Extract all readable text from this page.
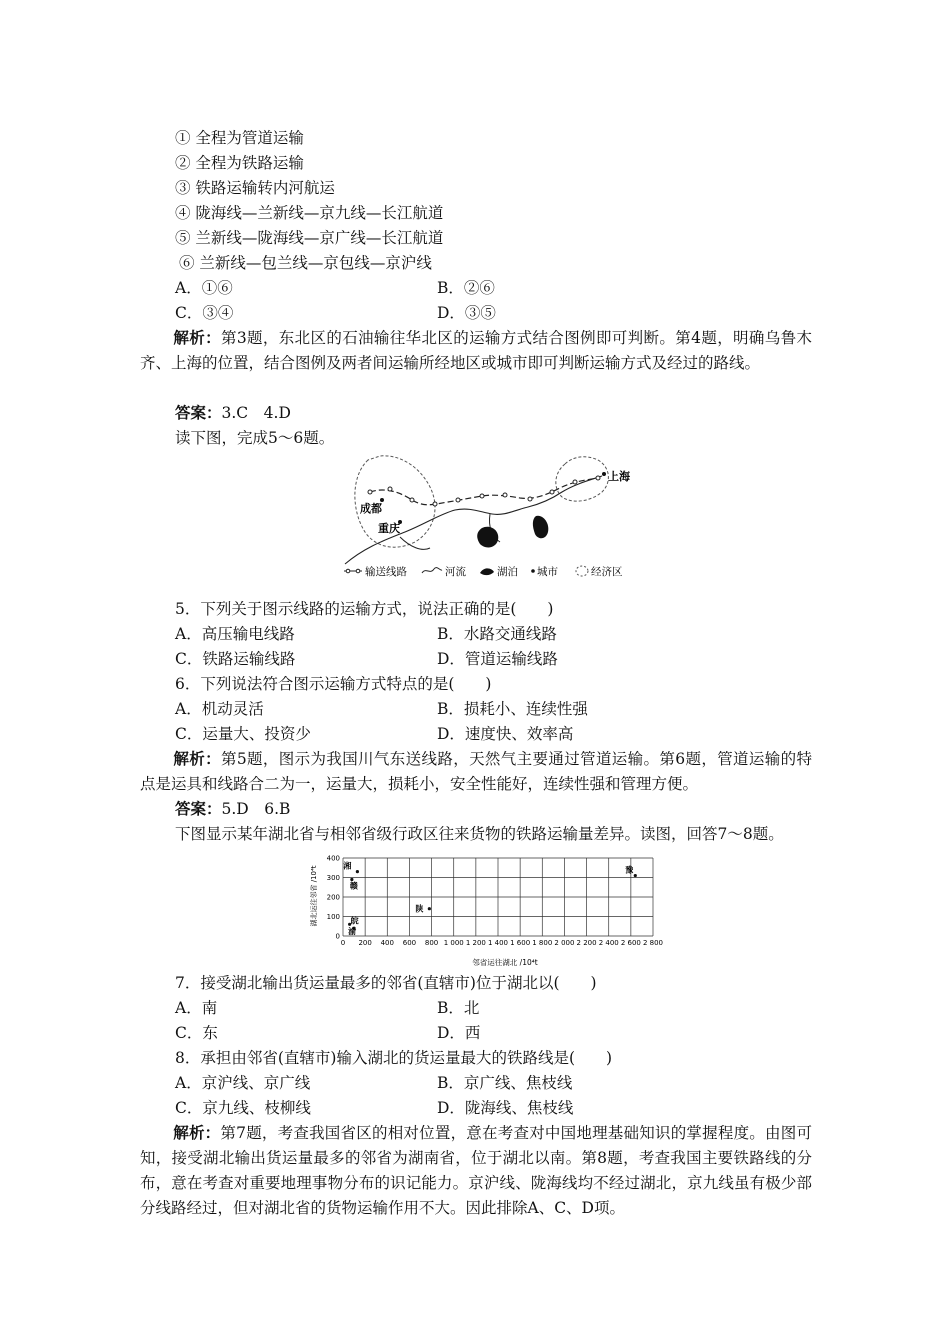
① 全程为管道运输
② 全程为铁路运输
③ 铁路运输转内河航运
④ 陇海线—兰新线—京九线—长江航道
⑤ 兰新线—陇海线—京广线—长江航道
⑥ 兰新线—包兰线—京包线—京沪线
A．①⑥	B．②⑥
C．③④	D．③⑤
解析：第3题，东北区的石油输往华北区的运输方式结合图例即可判断。第4题，明确乌鲁木齐、上海的位置，结合图例及两者间运输所经地区或城市即可判断运输方式及经过的路线。
答案：3.C　4.D
读下图，完成5～6题。
上海
成都
重庆
输送线路	河流	湖泊 城市	经济区
5．下列关于图示线路的运输方式，说法正确的是(　　)
A．高压输电线路	B．水路交通线路
C．铁路运输线路	D．管道运输线路
6．下列说法符合图示运输方式特点的是(　　)
A．机动灵活	B．损耗小、连续性强
C．运量大、投资少	D．速度快、效率高
解析：第5题，图示为我国川气东送线路，天然气主要通过管道运输。第6题，管道运输的特点是运具和线路合二为一，运量大，损耗小，安全性能好，连续性强和管理方便。
答案：5.D　6.B
下图显示某年湖北省与相邻省级行政区往来货物的铁路运输量差异。读图，回答7～8题。
0 200 400 600 800 1 000 1 200 1 400 1 600 1 800 2 000 2 200 2 400 2 600 2 800
0
100
200
300
400
湘
赣
陕
皖
渝
豫
邻省运往湖北 /10⁴t
湖北运往邻省 /10⁴t
7．接受湖北输出货运量最多的邻省(直辖市)位于湖北以(　　)
A．南	B．北
C．东	D．西
8．承担由邻省(直辖市)输入湖北的货运量最大的铁路线是(　　)
A．京沪线、京广线	B．京广线、焦枝线
C．京九线、枝柳线	D．陇海线、焦枝线
解析：第7题，考查我国省区的相对位置，意在考查对中国地理基础知识的掌握程度。由图可知，接受湖北输出货运量最多的邻省为湖南省，位于湖北以南。第8题，考查我国主要铁路线的分布，意在考查对重要地理事物分布的识记能力。京沪线、陇海线均不经过湖北，京九线虽有极少部分线路经过，但对湖北省的货物运输作用不大。因此排除A、C、D项。
